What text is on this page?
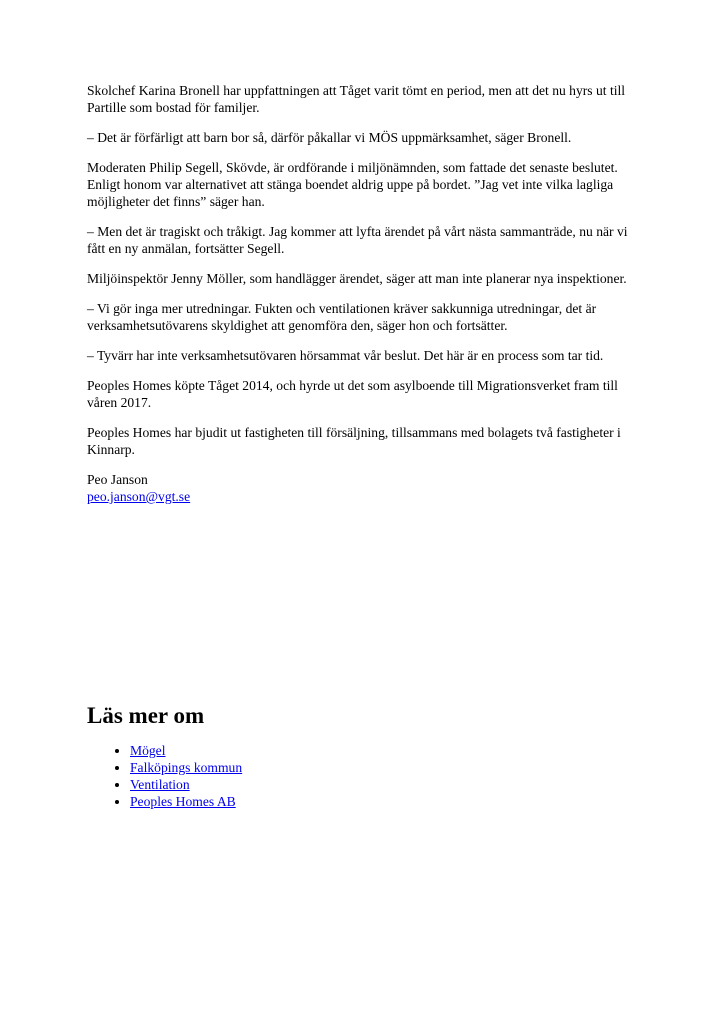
Skolchef Karina Bronell har uppfattningen att Tåget varit tömt en period, men att det nu hyrs ut till Partille som bostad för familjer.

– Det är förfärligt att barn bor så, därför påkallar vi MÖS uppmärksamhet, säger Bronell.

Moderaten Philip Segell, Skövde, är ordförande i miljönämnden, som fattade det senaste beslutet. Enligt honom var alternativet att stänga boendet aldrig uppe på bordet. ”Jag vet inte vilka lagliga möjligheter det finns” säger han.

– Men det är tragiskt och tråkigt. Jag kommer att lyfta ärendet på vårt nästa sammanträde, nu när vi fått en ny anmälan, fortsätter Segell.

Miljöinspektör Jenny Möller, som handlägger ärendet, säger att man inte planerar nya inspektioner.

– Vi gör inga mer utredningar. Fukten och ventilationen kräver sakkunniga utredningar, det är verksamhetsutövarens skyldighet att genomföra den, säger hon och fortsätter.

– Tyvärr har inte verksamhetsutövaren hörsammat vår beslut. Det här är en process som tar tid.

Peoples Homes köpte Tåget 2014, och hyrde ut det som asylboende till Migrationsverket fram till våren 2017.

Peoples Homes har bjudit ut fastigheten till försäljning, tillsammans med bolagets två fastigheter i Kinnarp.

Peo Janson
peo.janson@vgt.se
Läs mer om
• Mögel
• Falköpings kommun
• Ventilation
• Peoples Homes AB
